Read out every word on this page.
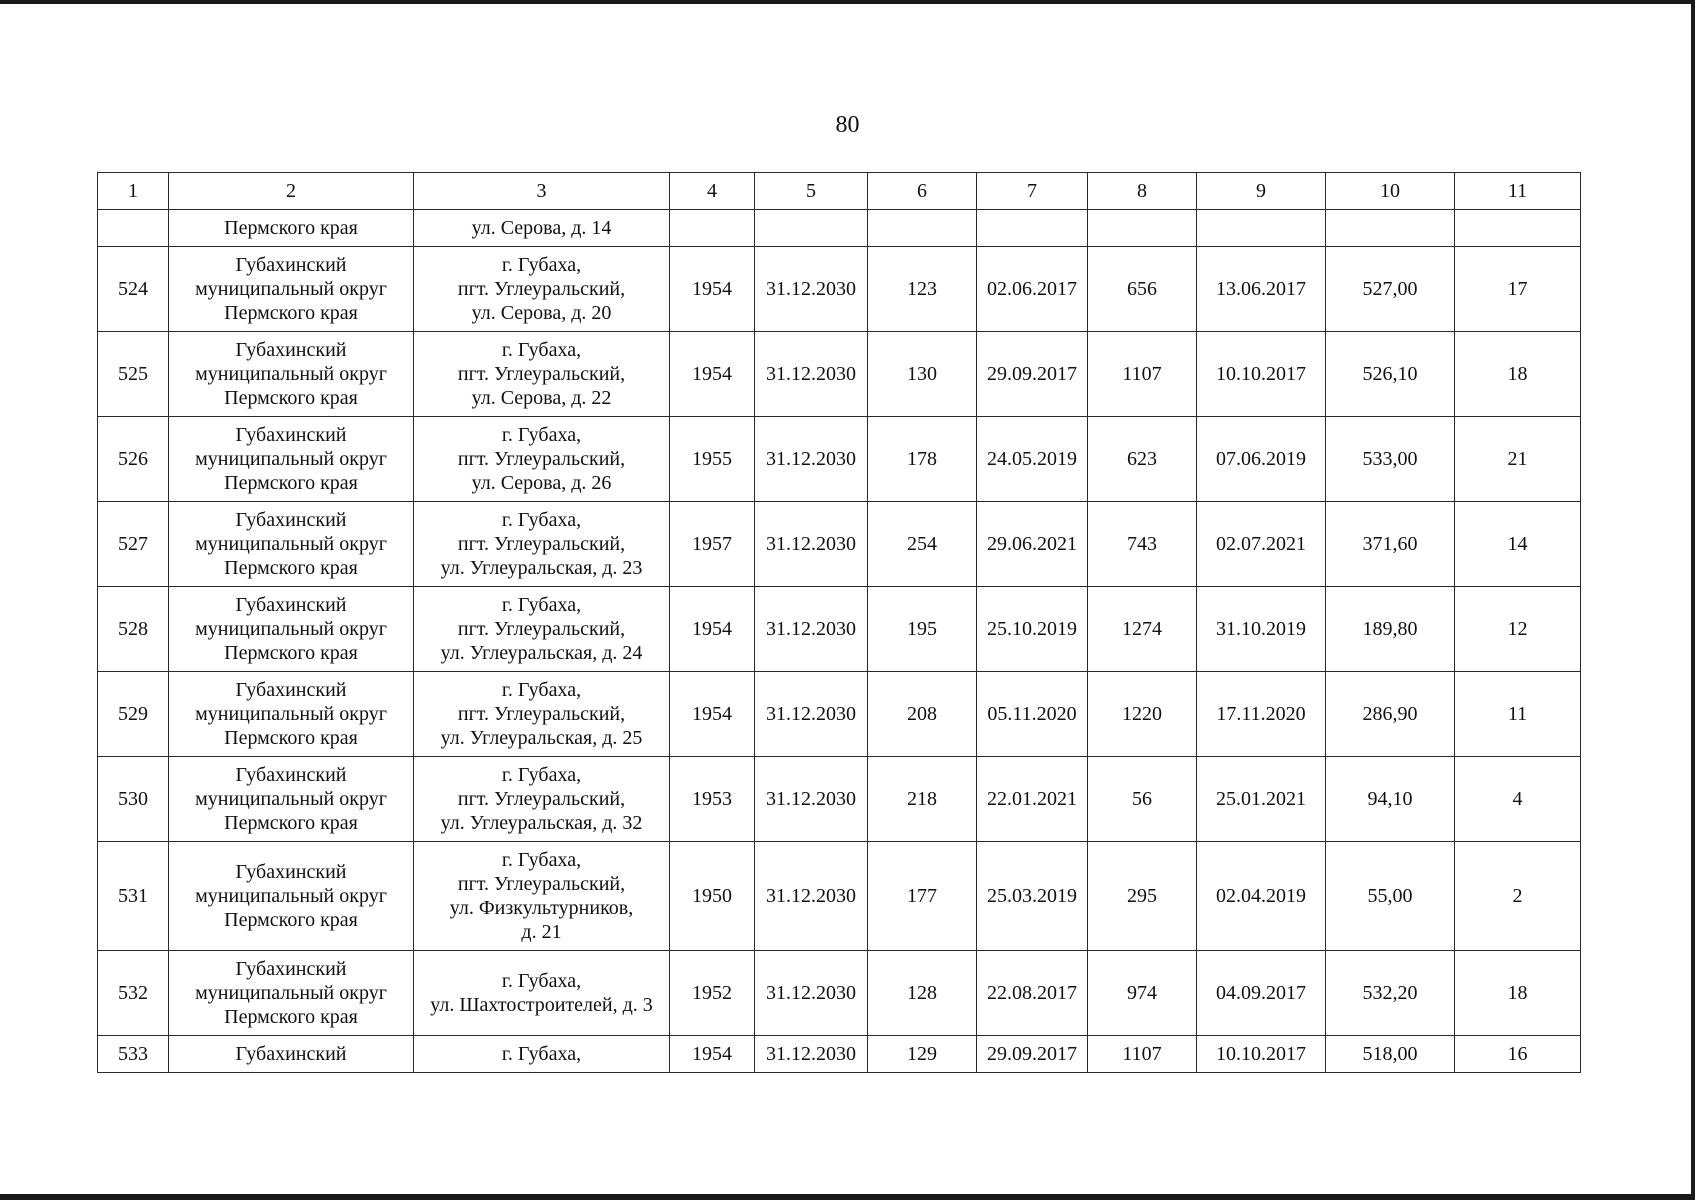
80
1	2	3	4	5	6	7	8	9	10	11

	Пермского края	ул. Серова, д. 14								

524	Губахинский
муниципальный округ
Пермского края	г. Губаха,
пгт. Углеуральский,
ул. Серова, д. 20	1954	31.12.2030	123	02.06.2017	656	13.06.2017	527,00	17
525	Губахинский
муниципальный округ
Пермского края	г. Губаха,
пгт. Углеуральский,
ул. Серова, д. 22	1954	31.12.2030	130	29.09.2017	1107	10.10.2017	526,10	18
526	Губахинский
муниципальный округ
Пермского края	г. Губаха,
пгт. Углеуральский,
ул. Серова, д. 26	1955	31.12.2030	178	24.05.2019	623	07.06.2019	533,00	21
527	Губахинский
муниципальный округ
Пермского края	г. Губаха,
пгт. Углеуральский,
ул. Углеуральская, д. 23	1957	31.12.2030	254	29.06.2021	743	02.07.2021	371,60	14
528	Губахинский
муниципальный округ
Пермского края	г. Губаха,
пгт. Углеуральский,
ул. Углеуральская, д. 24	1954	31.12.2030	195	25.10.2019	1274	31.10.2019	189,80	12
529	Губахинский
муниципальный округ
Пермского края	г. Губаха,
пгт. Углеуральский,
ул. Углеуральская, д. 25	1954	31.12.2030	208	05.11.2020	1220	17.11.2020	286,90	11
530	Губахинский
муниципальный округ
Пермского края	г. Губаха,
пгт. Углеуральский,
ул. Углеуральская, д. 32	1953	31.12.2030	218	22.01.2021	56	25.01.2021	94,10	4
531	Губахинский
муниципальный округ
Пермского края	г. Губаха,
пгт. Углеуральский,
ул. Физкультурников,
д. 21	1950	31.12.2030	177	25.03.2019	295	02.04.2019	55,00	2
532	Губахинский
муниципальный округ
Пермского края	г. Губаха,
ул. Шахтостроителей, д. 3	1952	31.12.2030	128	22.08.2017	974	04.09.2017	532,20	18
533	Губахинский	г. Губаха,	1954	31.12.2030	129	29.09.2017	1107	10.10.2017	518,00	16
